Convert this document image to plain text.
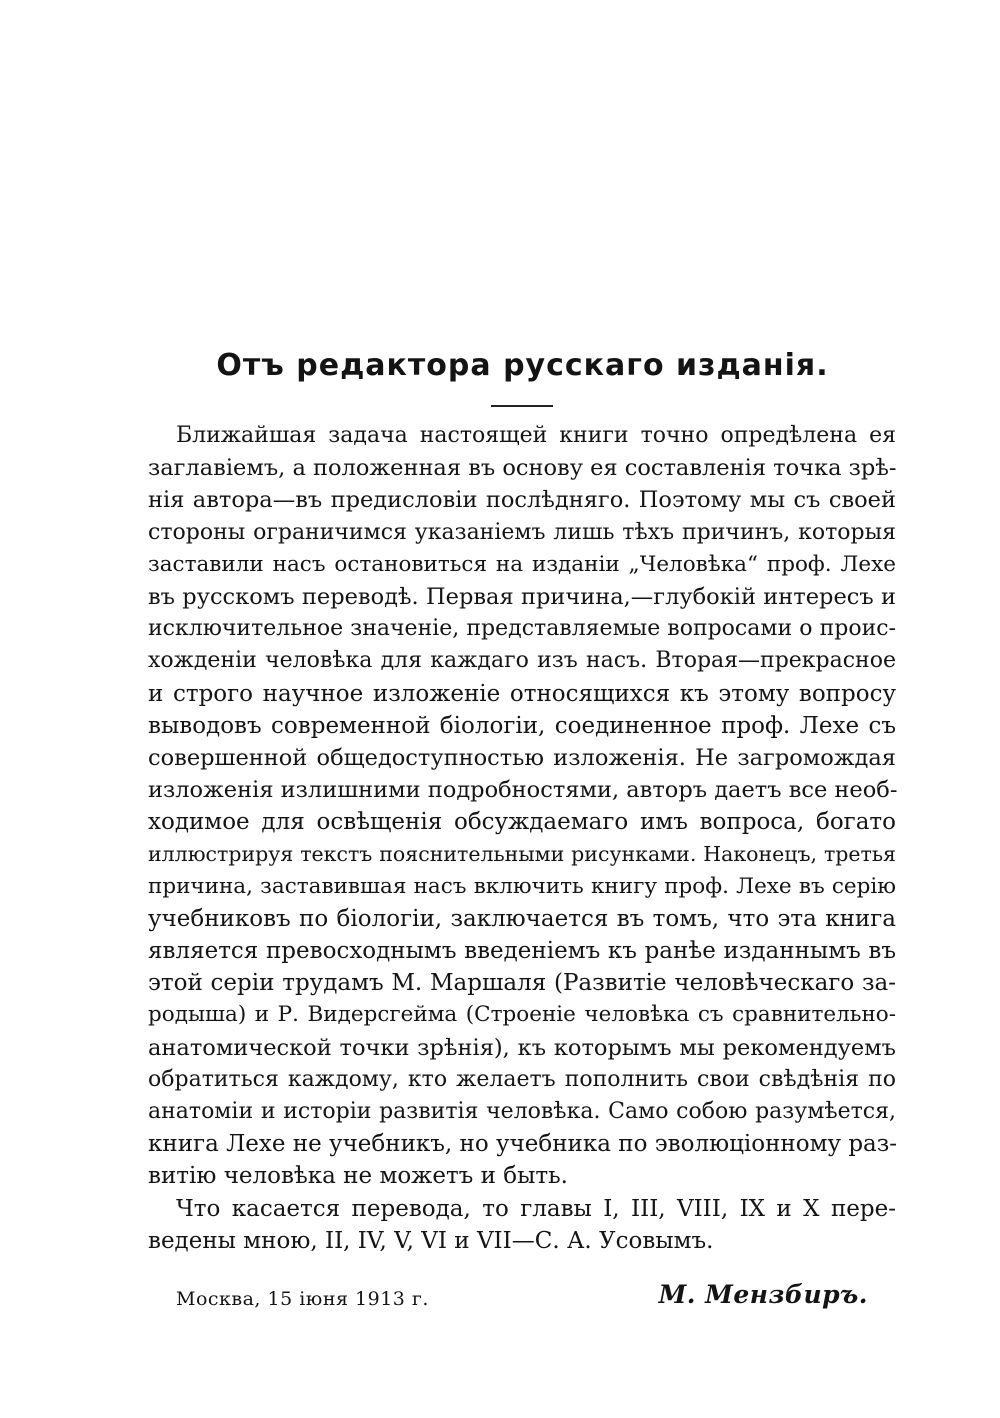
Отъ редактора русскаго изданія.
Ближайшая задача настоящей книги точно опредѣлена ея
заглавіемъ, а положенная въ основу ея составленія точка зрѣ-
нія автора—въ предисловіи послѣдняго. Поэтому мы съ своей
стороны ограничимся указаніемъ лишь тѣхъ причинъ, которыя
заставили насъ остановиться на изданіи „Человѣка“ проф. Лехе
въ русскомъ переводѣ. Первая причина,—глубокій интересъ и
исключительное значеніе, представляемые вопросами о проис-
хожденіи человѣка для каждаго изъ насъ. Вторая—прекрасное
и строго научное изложеніе относящихся къ этому вопросу
выводовъ современной біологіи, соединенное проф. Лехе съ
совершенной общедоступностью изложенія. Не загромождая
изложенія излишними подробностями, авторъ даетъ все необ-
ходимое для освѣщенія обсуждаемаго имъ вопроса, богато
иллюстрируя текстъ пояснительными рисунками. Наконецъ, третья
причина, заставившая насъ включить книгу проф. Лехе въ серію
учебниковъ по біологіи, заключается въ томъ, что эта книга
является превосходнымъ введеніемъ къ ранѣе изданнымъ въ
этой серіи трудамъ М. Маршаля (Развитіе человѣческаго за-
родыша) и Р. Видерсгейма (Строеніе человѣка съ сравнительно-
анатомической точки зрѣнія), къ которымъ мы рекомендуемъ
обратиться каждому, кто желаетъ пополнить свои свѣдѣнія по
анатоміи и исторіи развитія человѣка. Само собою разумѣется,
книга Лехе не учебникъ, но учебника по эволюціонному раз-
витію человѣка не можетъ и быть.
Что касается перевода, то главы I, III, VIII, IX и X пере-
ведены мною, II, IV, V, VI и VII—С. А. Усовымъ.
Москва, 15 іюня 1913 г.	М. Мензбиръ.
